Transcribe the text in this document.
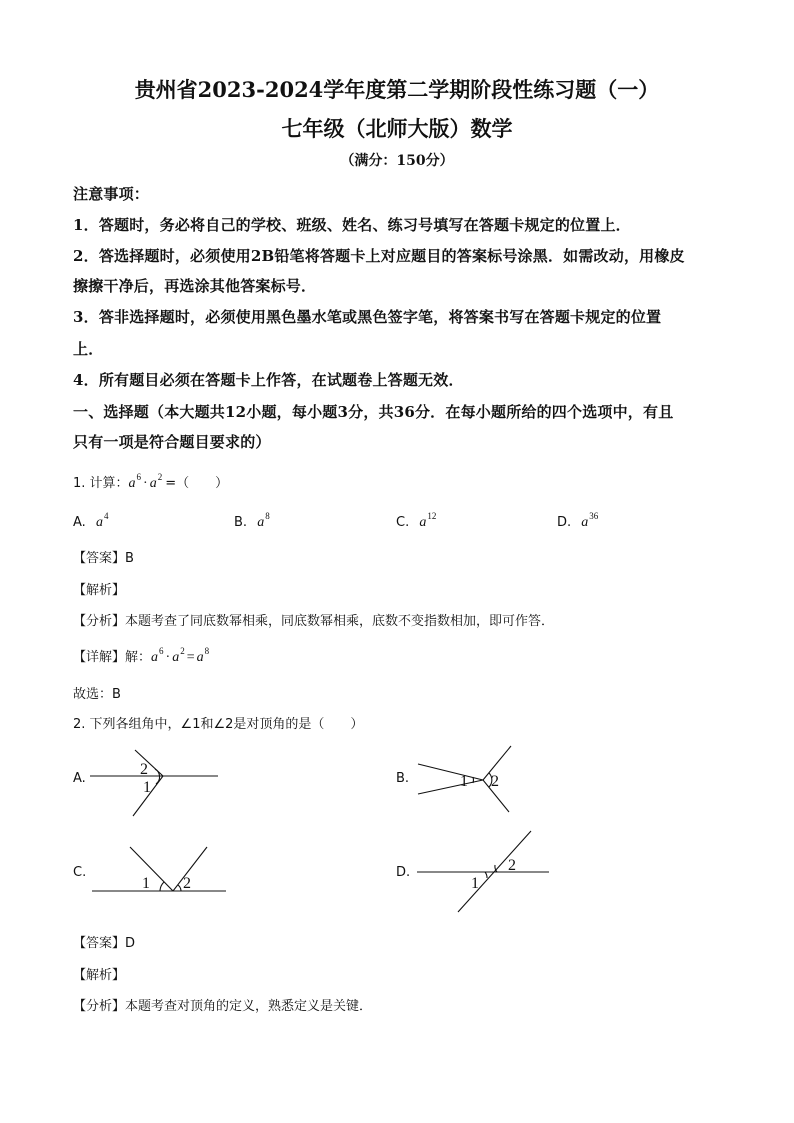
贵州省2023-2024学年度第二学期阶段性练习题（一）
七年级（北师大版）数学
（满分：150分）
注意事项：
1．答题时，务必将自己的学校、班级、姓名、练习号填写在答题卡规定的位置上．
2．答选择题时，必须使用2B铅笔将答题卡上对应题目的答案标号涂黑．如需改动，用橡皮
擦擦干净后，再选涂其他答案标号．
3．答非选择题时，必须使用黑色墨水笔或黑色签字笔，将答案书写在答题卡规定的位置
上．
4．所有题目必须在答题卡上作答，在试题卷上答题无效．
一、选择题（本大题共12小题，每小题3分，共36分．在每小题所给的四个选项中，有且
只有一项是符合题目要求的）
1. 计算：$a^6 \cdot a^2$ =（　　）
A. $a^4$	B. $a^8$	C. $a^{12}$	D. $a^{36}$
【答案】B
【解析】
【分析】本题考查了同底数幂相乘，同底数幂相乘，底数不变指数相加，即可作答．
【详解】解：$a^6 \cdot a^2 = a^8$
故选：B
2. 下列各组角中，∠1和∠2是对顶角的是（　　）
A.
2
1
B.	1 2
C.
1 2
D.
1
2
【答案】D
【解析】
【分析】本题考查对顶角的定义，熟悉定义是关键．
